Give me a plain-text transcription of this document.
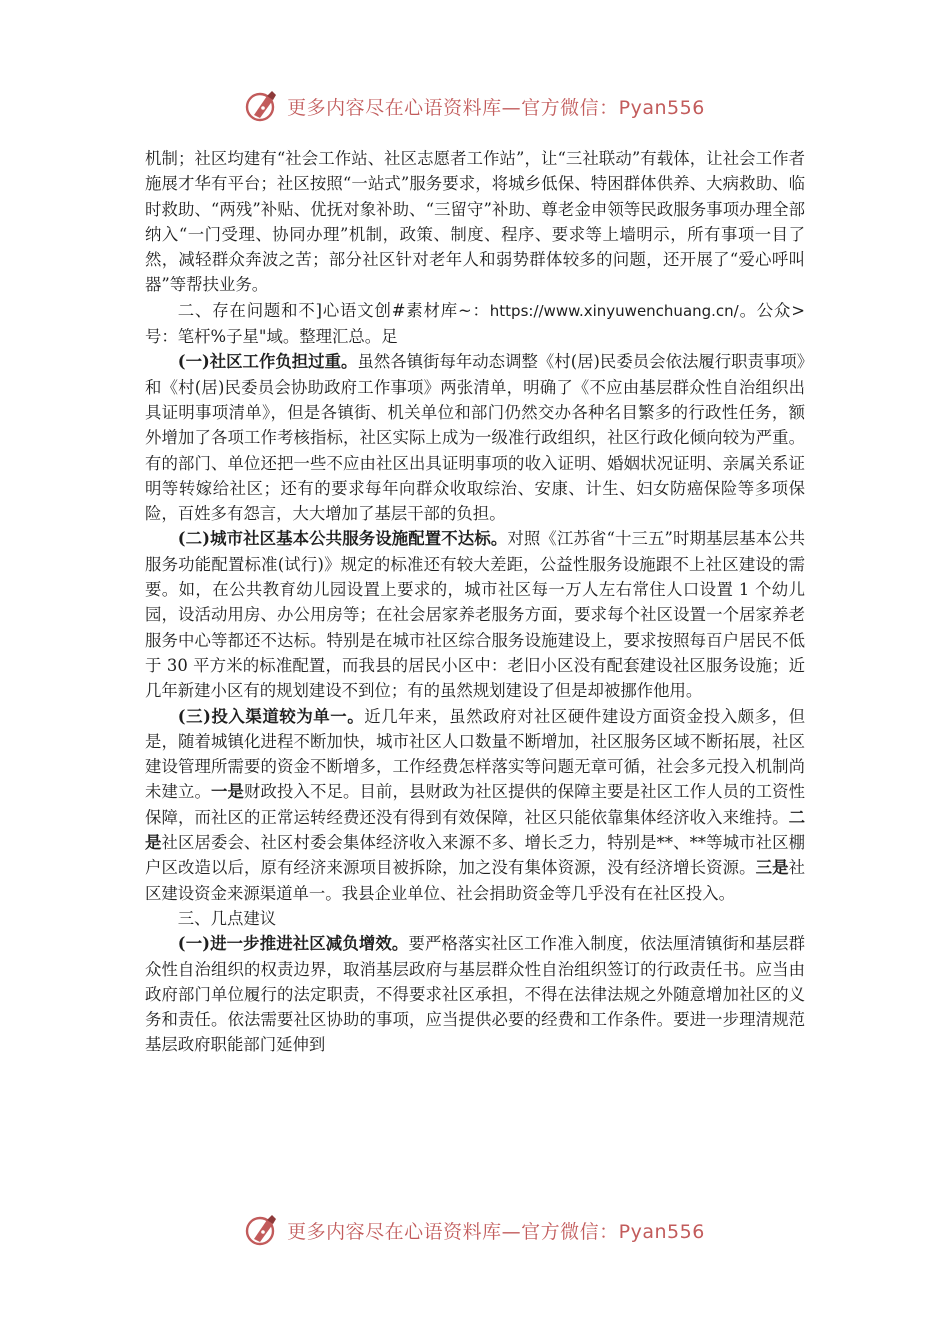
更多内容尽在心语资料库—官方微信：Pyan556

机制；社区均建有“社会工作站、社区志愿者工作站”，让“三社联动”有载体，让社会工作者施展才华有平台；社区按照“一站式”服务要求，将城乡低保、特困群体供养、大病救助、临时救助、“两残”补贴、优抚对象补助、“三留守”补助、尊老金申领等民政服务事项办理全部纳入“一门受理、协同办理”机制，政策、制度、程序、要求等上墙明示，所有事项一目了然，减轻群众奔波之苦；部分社区针对老年人和弱势群体较多的问题，还开展了“爱心呼叫器”等帮扶业务。

二、存在问题和不]心语文创#素材库~：https://www.xinyuwenchuang.cn/。公众>号：笔杆%子星"域。整理汇总。足

(一)社区工作负担过重。虽然各镇街每年动态调整《村(居)民委员会依法履行职责事项》和《村(居)民委员会协助政府工作事项》两张清单，明确了《不应由基层群众性自治组织出具证明事项清单》，但是各镇街、机关单位和部门仍然交办各种名目繁多的行政性任务，额外增加了各项工作考核指标，社区实际上成为一级准行政组织，社区行政化倾向较为严重。有的部门、单位还把一些不应由社区出具证明事项的收入证明、婚姻状况证明、亲属关系证明等转嫁给社区；还有的要求每年向群众收取综治、安康、计生、妇女防癌保险等多项保险，百姓多有怨言，大大增加了基层干部的负担。

(二)城市社区基本公共服务设施配置不达标。对照《江苏省“十三五”时期基层基本公共服务功能配置标准(试行)》规定的标准还有较大差距，公益性服务设施跟不上社区建设的需要。如，在公共教育幼儿园设置上要求的，城市社区每一万人左右常住人口设置 1 个幼儿园，设活动用房、办公用房等；在社会居家养老服务方面，要求每个社区设置一个居家养老服务中心等都还不达标。特别是在城市社区综合服务设施建设上，要求按照每百户居民不低于 30 平方米的标准配置，而我县的居民小区中：老旧小区没有配套建设社区服务设施；近几年新建小区有的规划建设不到位；有的虽然规划建设了但是却被挪作他用。

(三)投入渠道较为单一。近几年来，虽然政府对社区硬件建设方面资金投入颇多，但是，随着城镇化进程不断加快，城市社区人口数量不断增加，社区服务区域不断拓展，社区建设管理所需要的资金不断增多，工作经费怎样落实等问题无章可循，社会多元投入机制尚未建立。一是财政投入不足。目前，县财政为社区提供的保障主要是社区工作人员的工资性保障，而社区的正常运转经费还没有得到有效保障，社区只能依靠集体经济收入来维持。二是社区居委会、社区村委会集体经济收入来源不多、增长乏力，特别是**、**等城市社区棚户区改造以后，原有经济来源项目被拆除，加之没有集体资源，没有经济增长资源。三是社区建设资金来源渠道单一。我县企业单位、社会捐助资金等几乎没有在社区投入。

三、几点建议

(一)进一步推进社区减负增效。要严格落实社区工作准入制度，依法厘清镇街和基层群众性自治组织的权责边界，取消基层政府与基层群众性自治组织签订的行政责任书。应当由政府部门单位履行的法定职责，不得要求社区承担，不得在法律法规之外随意增加社区的义务和责任。依法需要社区协助的事项，应当提供必要的经费和工作条件。要进一步理清规范基层政府职能部门延伸到

更多内容尽在心语资料库—官方微信：Pyan556
